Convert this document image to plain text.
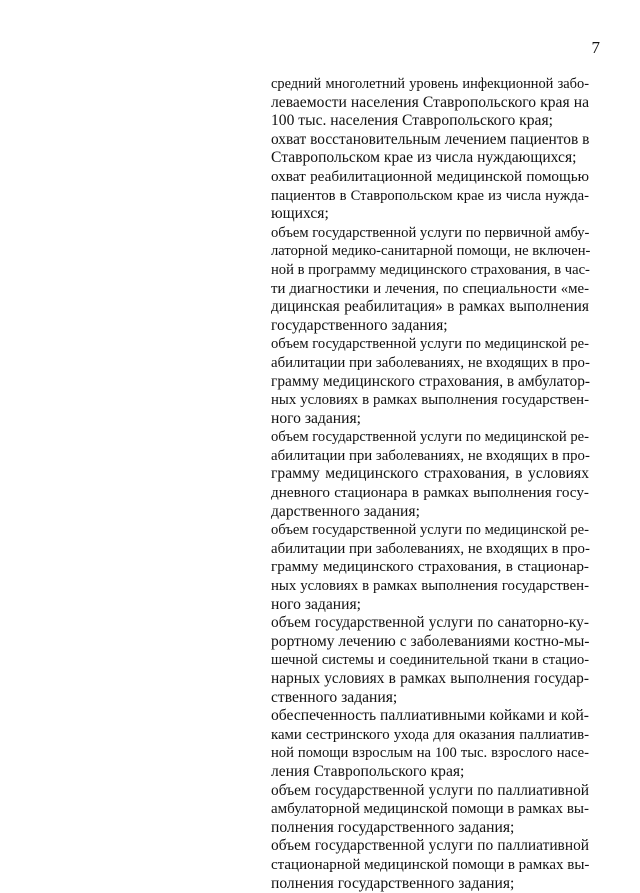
7
средний многолетний уровень инфекционной забо-
леваемости населения Ставропольского края на
100 тыс. населения Ставропольского края;
охват восстановительным лечением пациентов в
Ставропольском крае из числа нуждающихся;
охват реабилитационной медицинской помощью
пациентов в Ставропольском крае из числа нужда-
ющихся;
объем государственной услуги по первичной амбу-
латорной медико-санитарной помощи, не включен-
ной в программу медицинского страхования, в час-
ти диагностики и лечения, по специальности «ме-
дицинская реабилитация» в рамках выполнения
государственного задания;
объем государственной услуги по медицинской ре-
абилитации при заболеваниях, не входящих в про-
грамму медицинского страхования, в амбулатор-
ных условиях в рамках выполнения государствен-
ного задания;
объем государственной услуги по медицинской ре-
абилитации при заболеваниях, не входящих в про-
грамму медицинского страхования, в условиях
дневного стационара в рамках выполнения госу-
дарственного задания;
объем государственной услуги по медицинской ре-
абилитации при заболеваниях, не входящих в про-
грамму медицинского страхования, в стационар-
ных условиях в рамках выполнения государствен-
ного задания;
объем государственной услуги по санаторно-ку-
рортному лечению с заболеваниями костно-мы-
шечной системы и соединительной ткани в стацио-
нарных условиях в рамках выполнения государ-
ственного задания;
обеспеченность паллиативными койками и кой-
ками сестринского ухода для оказания паллиатив-
ной помощи взрослым на 100 тыс. взрослого насе-
ления Ставропольского края;
объем государственной услуги по паллиативной
амбулаторной медицинской помощи в рамках вы-
полнения государственного задания;
объем государственной услуги по паллиативной
стационарной медицинской помощи в рамках вы-
полнения государственного задания;
